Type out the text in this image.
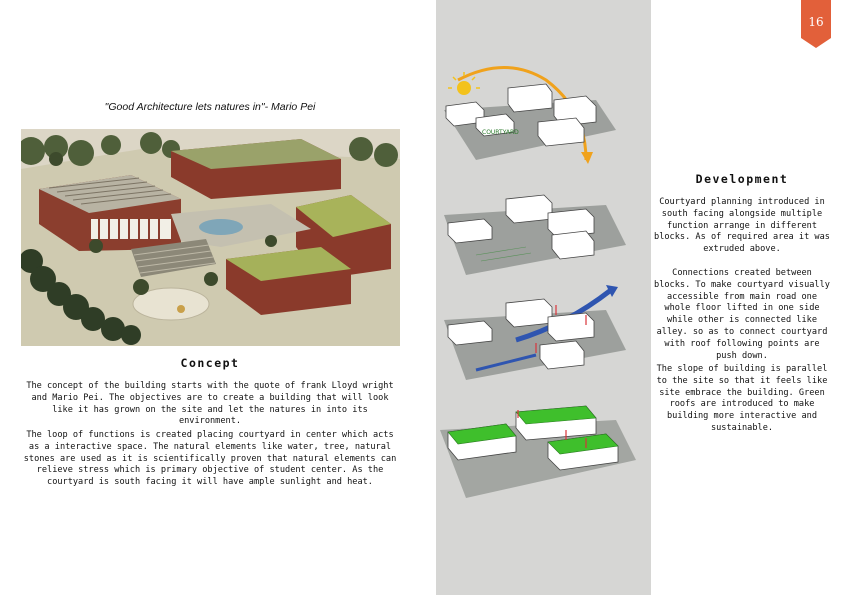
"Good Architecture lets natures in"- Mario Pei
Concept
The concept of the building starts with the quote of frank Lloyd wright and Mario Pei. The objectives are to create a building that will look like it has grown on the site and let the natures in into its environment.
The loop of functions is created placing courtyard in center which acts as a interactive space. The natural elements like water, tree, natural stones are used as it is scientifically proven that natural elements can relieve stress which is primary objective of student center. As the courtyard is south facing it will have ample sunlight and heat.
COURTYARD
Development
Courtyard planning introduced in south facing alongside multiple function arrange in different blocks. As of required area it was extruded above.
Connections created between blocks. To make courtyard visually accessible from main road one whole floor lifted in one side while other is connected like alley. so as to connect courtyard with roof following points are push down.
The slope of building is parallel to the site so that it feels like site embrace the building. Green roofs are introduced to make building more interactive and sustainable.
16
